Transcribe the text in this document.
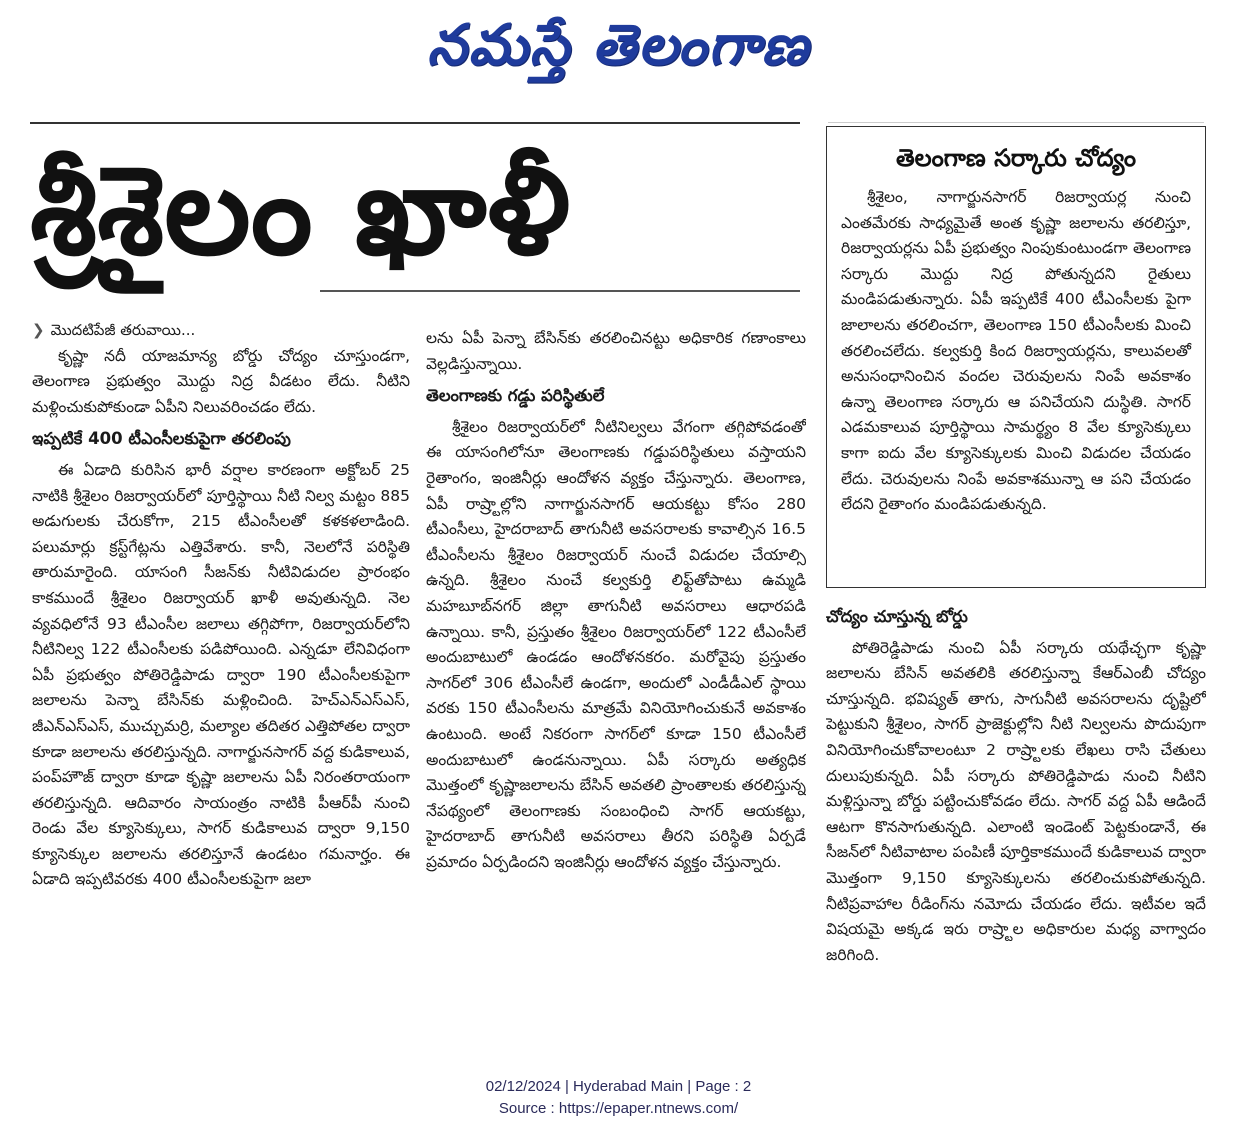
నమస్తే తెలంగాణ
శ్రీశైలం ఖాళీ

❯ మొదటిపేజీ తరువాయి...

కృష్ణా నదీ యాజమాన్య బోర్డు చోద్యం చూస్తుండగా, తెలంగాణ ప్రభుత్వం మొద్దు నిద్ర వీడటం లేదు. నీటిని మళ్లించుకుపోకుండా ఏపీని నిలువరించడం లేదు.

ఇప్పటికే 400 టీఎంసీలకుపైగా తరలింపు

ఈ ఏడాది కురిసిన భారీ వర్షాల కారణంగా అక్టోబర్ 25 నాటికి శ్రీశైలం రిజర్వాయర్‌లో పూర్తిస్థాయి నీటి నిల్వ మట్టం 885 అడుగులకు చేరుకోగా, 215 టీఎంసీలతో కళకళలాడింది. పలుమార్లు క్రస్ట్‌గేట్లను ఎత్తివేశారు. కానీ, నెలలోనే పరిస్థితి తారుమారైంది. యాసంగి సీజన్‌కు నీటివిడుదల ప్రారంభం కాకముందే శ్రీశైలం రిజర్వాయర్ ఖాళీ అవుతున్నది. నెల వ్యవధిలోనే 93 టీఎంసీల జలాలు తగ్గిపోగా, రిజర్వాయర్‌లోని నీటినిల్వ 122 టీఎంసీలకు పడిపోయింది. ఎన్నడూ లేనివిధంగా ఏపీ ప్రభుత్వం పోతిరెడ్డిపాడు ద్వారా 190 టీఎంసీలకుపైగా జలాలను పెన్నా బేసిన్‌కు మళ్లించింది. హెచ్ఎన్ఎస్ఎస్, జీఎన్ఎస్ఎస్, ముచ్చుమర్రి, మల్యాల తదితర ఎత్తిపోతల ద్వారా కూడా జలాలను తరలిస్తున్నది. నాగార్జునసాగర్ వద్ద కుడికాలువ, పంప్‌హౌజ్ ద్వారా కూడా కృష్ణా జలాలను ఏపీ నిరంతరాయంగా తరలిస్తున్నది. ఆదివారం సాయంత్రం నాటికి పీఆర్‌పీ నుంచి రెండు వేల క్యూసెక్కులు, సాగర్ కుడికాలువ ద్వారా 9,150 క్యూసెక్కుల జలాలను తరలిస్తూనే ఉండటం గమనార్హం. ఈ ఏడాది ఇప్పటివరకు 400 టీఎంసీలకుపైగా జలా

లను ఏపీ పెన్నా బేసిన్‌కు తరలించినట్టు అధికారిక గణాంకాలు వెల్లడిస్తున్నాయి.

తెలంగాణకు గడ్డు పరిస్థితులే

శ్రీశైలం రిజర్వాయర్‌లో నీటినిల్వలు వేగంగా తగ్గిపోవడంతో ఈ యాసంగిలోనూ తెలంగాణకు గడ్డుపరిస్థితులు వస్తాయని రైతాంగం, ఇంజినీర్లు ఆందోళన వ్యక్తం చేస్తున్నారు. తెలంగాణ, ఏపీ రాష్ర్టాల్లోని నాగార్జునసాగర్ ఆయకట్టు కోసం 280 టీఎంసీలు, హైదరాబాద్ తాగునీటి అవసరాలకు కావాల్సిన 16.5 టీఎంసీలను శ్రీశైలం రిజర్వాయర్ నుంచే విడుదల చేయాల్సి ఉన్నది. శ్రీశైలం నుంచే కల్వకుర్తి లిఫ్ట్‌తోపాటు ఉమ్మడి మహబూబ్‌నగర్ జిల్లా తాగునీటి అవసరాలు ఆధారపడి ఉన్నాయి. కానీ, ప్రస్తుతం శ్రీశైలం రిజర్వాయర్‌లో 122 టీఎంసీలే అందుబాటులో ఉండడం ఆందోళనకరం. మరోవైపు ప్రస్తుతం సాగర్‌లో 306 టీఎంసీలే ఉండగా, అందులో ఎండీడీఎల్ స్థాయి వరకు 150 టీఎంసీలను మాత్రమే వినియోగించుకునే అవకాశం ఉంటుంది. అంటే నికరంగా సాగర్‌లో కూడా 150 టీఎంసీలే అందుబాటులో ఉండనున్నాయి. ఏపీ సర్కారు అత్యధిక మొత్తంలో కృష్ణాజలాలను బేసిన్ అవతలి ప్రాంతాలకు తరలిస్తున్న నేపథ్యంలో తెలంగాణకు సంబంధించి సాగర్ ఆయకట్టు, హైదరాబాద్ తాగునీటి అవసరాలు తీరని పరిస్థితి ఏర్పడే ప్రమాదం ఏర్పడిందని ఇంజినీర్లు ఆందోళన వ్యక్తం చేస్తున్నారు.

తెలంగాణ సర్కారు చోద్యం

శ్రీశైలం, నాగార్జునసాగర్ రిజర్వాయర్ల నుంచి ఎంతమేరకు సాధ్యమైతే అంత కృష్ణా జలాలను తరలిస్తూ, రిజర్వాయర్లను ఏపీ ప్రభుత్వం నింపుకుంటుండగా తెలంగాణ సర్కారు మొద్దు నిద్ర పోతున్నదని రైతులు మండిపడుతున్నారు. ఏపీ ఇప్పటికే 400 టీఎంసీలకు పైగా జాలాలను తరలించగా, తెలంగాణ 150 టీఎంసీలకు మించి తరలించలేదు. కల్వకుర్తి కింద రిజర్వాయర్లను, కాలువలతో అనుసంధానించిన వందల చెరువులను నింపే అవకాశం ఉన్నా తెలంగాణ సర్కారు ఆ పనిచేయని దుస్థితి. సాగర్ ఎడమకాలువ పూర్తిస్థాయి సామర్థ్యం 8 వేల క్యూసెక్కులు కాగా ఐదు వేల క్యూసెక్కులకు మించి విడుదల చేయడం లేదు. చెరువులను నింపే అవకాశమున్నా ఆ పని చేయడం లేదని రైతాంగం మండిపడుతున్నది.

చోద్యం చూస్తున్న బోర్డు

పోతిరెడ్డిపాడు నుంచి ఏపీ సర్కారు యథేచ్ఛగా కృష్ణా జలాలను బేసిన్ అవతలికి తరలిస్తున్నా కేఆర్ఎంబీ చోద్యం చూస్తున్నది. భవిష్యత్ తాగు, సాగునీటి అవసరాలను దృష్టిలో పెట్టుకుని శ్రీశైలం, సాగర్ ప్రాజెక్టుల్లోని నీటి నిల్వలను పొదుపుగా వినియోగించుకోవాలంటూ 2 రాష్ర్టాలకు లేఖలు రాసి చేతులు దులుపుకున్నది. ఏపీ సర్కారు పోతిరెడ్డిపాడు నుంచి నీటిని మళ్లిస్తున్నా బోర్డు పట్టించుకోవడం లేదు. సాగర్ వద్ద ఏపీ ఆడిందే ఆటగా కొనసాగుతున్నది. ఎలాంటి ఇండెంట్ పెట్టకుండానే, ఈ సీజన్‌లో నీటివాటాల పంపిణీ పూర్తికాకముందే కుడికాలువ ద్వారా మొత్తంగా 9,150 క్యూసెక్కులను తరలించుకుపోతున్నది. నీటిప్రవాహాల రీడింగ్‌ను నమోదు చేయడం లేదు. ఇటీవల ఇదే విషయమై అక్కడ ఇరు రాష్ర్టాల అధికారుల మధ్య వాగ్వాదం జరిగింది.

02/12/2024 | Hyderabad Main | Page : 2
Source : https://epaper.ntnews.com/
